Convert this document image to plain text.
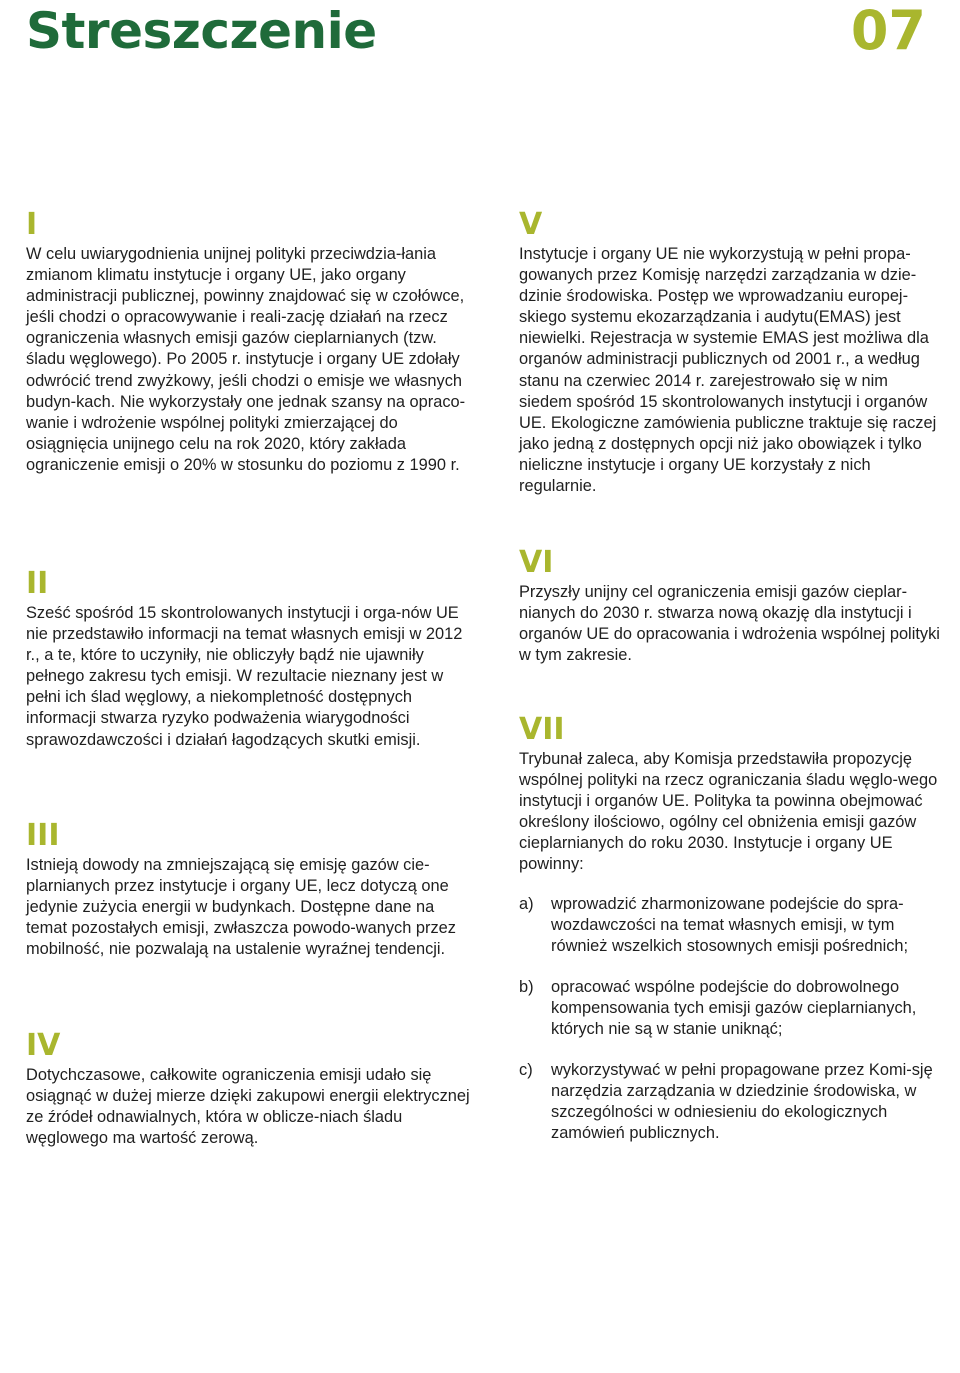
Streszczenie	07
I

W celu uwiarygodnienia unijnej polityki przeciwdzia-łania zmianom klimatu instytucje i organy UE, jako organy administracji publicznej, powinny znajdować się w czołówce, jeśli chodzi o opracowywanie i reali-zację działań na rzecz ograniczenia własnych emisji gazów cieplarnianych (tzw. śladu węglowego). Po 2005 r. instytucje i organy UE zdołały odwrócić trend zwyżkowy, jeśli chodzi o emisje we własnych budyn-kach. Nie wykorzystały one jednak szansy na opraco-wanie i wdrożenie wspólnej polityki zmierzającej do osiągnięcia unijnego celu na rok 2020, który zakłada ograniczenie emisji o 20% w stosunku do poziomu z 1990 r.

II

Sześć spośród 15 skontrolowanych instytucji i orga-nów UE nie przedstawiło informacji na temat własnych emisji w 2012 r., a te, które to uczyniły, nie obliczyły bądź nie ujawniły pełnego zakresu tych emisji. W rezultacie nieznany jest w pełni ich ślad węglowy, a niekompletność dostępnych informacji stwarza ryzyko podważenia wiarygodności sprawozdawczości i działań łagodzących skutki emisji.

III

Istnieją dowody na zmniejszającą się emisję gazów cie-plarnianych przez instytucje i organy UE, lecz dotyczą one jedynie zużycia energii w budynkach. Dostępne dane na temat pozostałych emisji, zwłaszcza powodo-wanych przez mobilność, nie pozwalają na ustalenie wyraźnej tendencji.

IV

Dotychczasowe, całkowite ograniczenia emisji udało się osiągnąć w dużej mierze dzięki zakupowi energii elektrycznej ze źródeł odnawialnych, która w oblicze-niach śladu węglowego ma wartość zerową.

V

Instytucje i organy UE nie wykorzystują w pełni propa-gowanych przez Komisję narzędzi zarządzania w dzie-dzinie środowiska. Postęp we wprowadzaniu europej-skiego systemu ekozarządzania i audytu(EMAS) jest niewielki. Rejestracja w systemie EMAS jest możliwa dla organów administracji publicznych od 2001 r., a według stanu na czerwiec 2014 r. zarejestrowało się w nim siedem spośród 15 skontrolowanych instytucji i organów UE. Ekologiczne zamówienia publiczne traktuje się raczej jako jedną z dostępnych opcji niż jako obowiązek i tylko nieliczne instytucje i organy UE korzystały z nich regularnie.

VI

Przyszły unijny cel ograniczenia emisji gazów cieplar-nianych do 2030 r. stwarza nową okazję dla instytucji i organów UE do opracowania i wdrożenia wspólnej polityki w tym zakresie.

VII

Trybunał zaleca, aby Komisja przedstawiła propozycję wspólnej polityki na rzecz ograniczania śladu węglo-wego instytucji i organów UE. Polityka ta powinna obejmować określony ilościowo, ogólny cel obniżenia emisji gazów cieplarnianych do roku 2030. Instytucje i organy UE powinny:

a)	wprowadzić zharmonizowane podejście do spra-wozdawczości na temat własnych emisji, w tym również wszelkich stosownych emisji pośrednich;
b)	opracować wspólne podejście do dobrowolnego kompensowania tych emisji gazów cieplarnianych, których nie są w stanie uniknąć;
c)	wykorzystywać w pełni propagowane przez Komi-sję narzędzia zarządzania w dziedzinie środowiska, w szczególności w odniesieniu do ekologicznych zamówień publicznych.
